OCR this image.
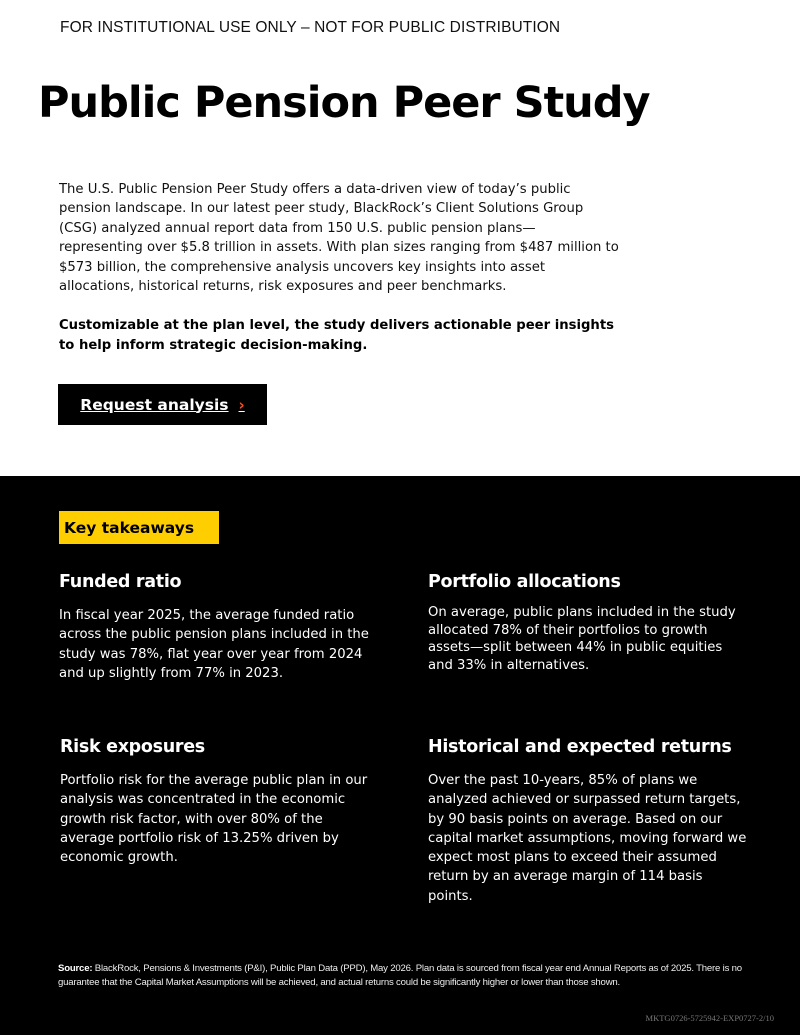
FOR INSTITUTIONAL USE ONLY – NOT FOR PUBLIC DISTRIBUTION
Public Pension Peer Study

The U.S. Public Pension Peer Study offers a data-driven view of today’s public pension landscape. In our latest peer study, BlackRock’s Client Solutions Group (CSG) analyzed annual report data from 150 U.S. public pension plans—representing over $5.8 trillion in assets. With plan sizes ranging from $487 million to $573 billion, the comprehensive analysis uncovers key insights into asset allocations, historical returns, risk exposures and peer benchmarks.

Customizable at the plan level, the study delivers actionable peer insights to help inform strategic decision-making.

Request analysis ›
Key takeaways
Funded ratio

In fiscal year 2025, the average funded ratio across the public pension plans included in the study was 78%, flat year over year from 2024 and up slightly from 77% in 2023.

Portfolio allocations

On average, public plans included in the study allocated 78% of their portfolios to growth assets—split between 44% in public equities and 33% in alternatives.

Risk exposures

Portfolio risk for the average public plan in our analysis was concentrated in the economic growth risk factor, with over 80% of the average portfolio risk of 13.25% driven by economic growth.

Historical and expected returns

Over the past 10-years, 85% of plans we analyzed achieved or surpassed return targets, by 90 basis points on average. Based on our capital market assumptions, moving forward we expect most plans to exceed their assumed return by an average margin of 114 basis points.

Source: BlackRock, Pensions & Investments (P&I), Public Plan Data (PPD), May 2026. Plan data is sourced from fiscal year end Annual Reports as of 2025. There is no guarantee that the Capital Market Assumptions will be achieved, and actual returns could be significantly higher or lower than those shown.

MKTG0726-5725942-EXP0727-2/10
